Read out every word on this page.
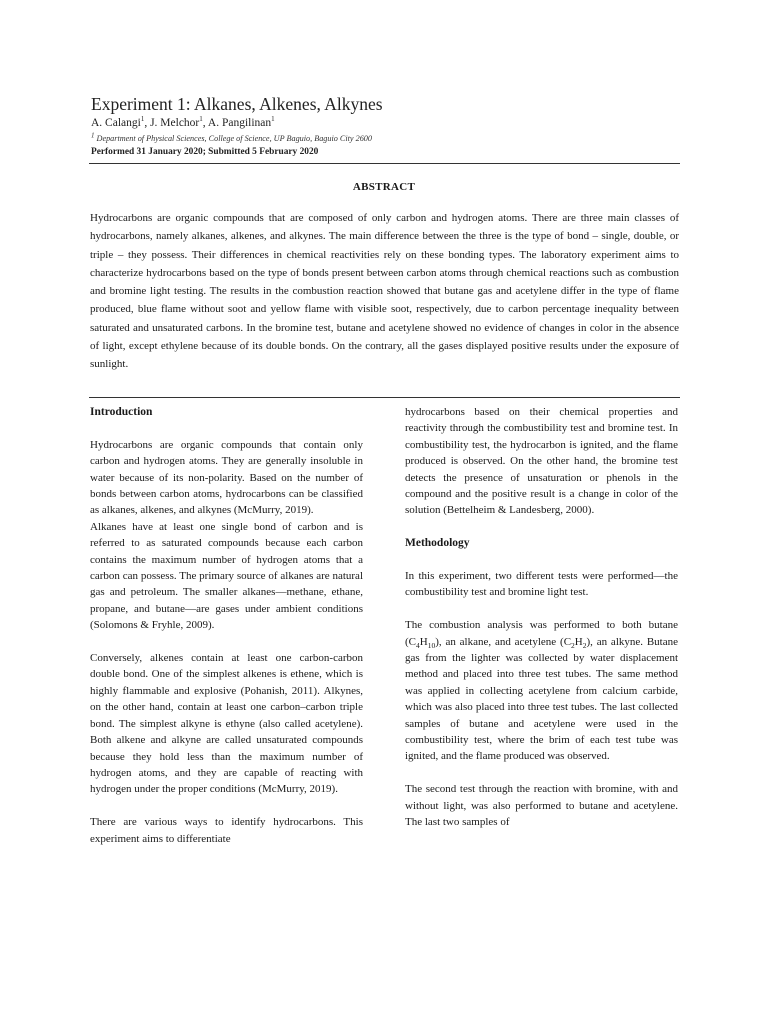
Experiment 1: Alkanes, Alkenes, Alkynes
A. Calangi$^1$, J. Melchor$^1$, A. Pangilinan$^1$
$^1$ Department of Physical Sciences, College of Science, UP Baguio, Baguio City 2600
Performed 31 January 2020; Submitted 5 February 2020
ABSTRACT
Hydrocarbons are organic compounds that are composed of only carbon and hydrogen atoms. There are three main classes of hydrocarbons, namely alkanes, alkenes, and alkynes. The main difference between the three is the type of bond – single, double, or triple – they possess. Their differences in chemical reactivities rely on these bonding types. The laboratory experiment aims to characterize hydrocarbons based on the type of bonds present between carbon atoms through chemical reactions such as combustion and bromine light testing. The results in the combustion reaction showed that butane gas and acetylene differ in the type of flame produced, blue flame without soot and yellow flame with visible soot, respectively, due to carbon percentage inequality between saturated and unsaturated carbons. In the bromine test, butane and acetylene showed no evidence of changes in color in the absence of light, except ethylene because of its double bonds. On the contrary, all the gases displayed positive results under the exposure of sunlight.
Introduction

Hydrocarbons are organic compounds that contain only carbon and hydrogen atoms. They are generally insoluble in water because of its non-polarity. Based on the number of bonds between carbon atoms, hydrocarbons can be classified as alkanes, alkenes, and alkynes (McMurry, 2019).

Alkanes have at least one single bond of carbon and is referred to as saturated compounds because each carbon contains the maximum number of hydrogen atoms that a carbon can possess. The primary source of alkanes are natural gas and petroleum. The smaller alkanes—methane, ethane, propane, and butane—are gases under ambient conditions (Solomons & Fryhle, 2009).

Conversely, alkenes contain at least one carbon-carbon double bond. One of the simplest alkenes is ethene, which is highly flammable and explosive (Pohanish, 2011). Alkynes, on the other hand, contain at least one carbon–carbon triple bond. The simplest alkyne is ethyne (also called acetylene). Both alkene and alkyne are called unsaturated compounds because they hold less than the maximum number of hydrogen atoms, and they are capable of reacting with hydrogen under the proper conditions (McMurry, 2019).

There are various ways to identify hydrocarbons. This experiment aims to differentiate

hydrocarbons based on their chemical properties and reactivity through the combustibility test and bromine test. In combustibility test, the hydrocarbon is ignited, and the flame produced is observed. On the other hand, the bromine test detects the presence of unsaturation or phenols in the compound and the positive result is a change in color of the solution (Bettelheim & Landesberg, 2000).

Methodology

In this experiment, two different tests were performed—the combustibility test and bromine light test.

The combustion analysis was performed to both butane $(C_4H_{10})$, an alkane, and acetylene $(C_2H_2)$, an alkyne. Butane gas from the lighter was collected by water displacement method and placed into three test tubes. The same method was applied in collecting acetylene from calcium carbide, which was also placed into three test tubes. The last collected samples of butane and acetylene were used in the combustibility test, where the brim of each test tube was ignited, and the flame produced was observed.

The second test through the reaction with bromine, with and without light, was also performed to butane and acetylene. The last two samples of
